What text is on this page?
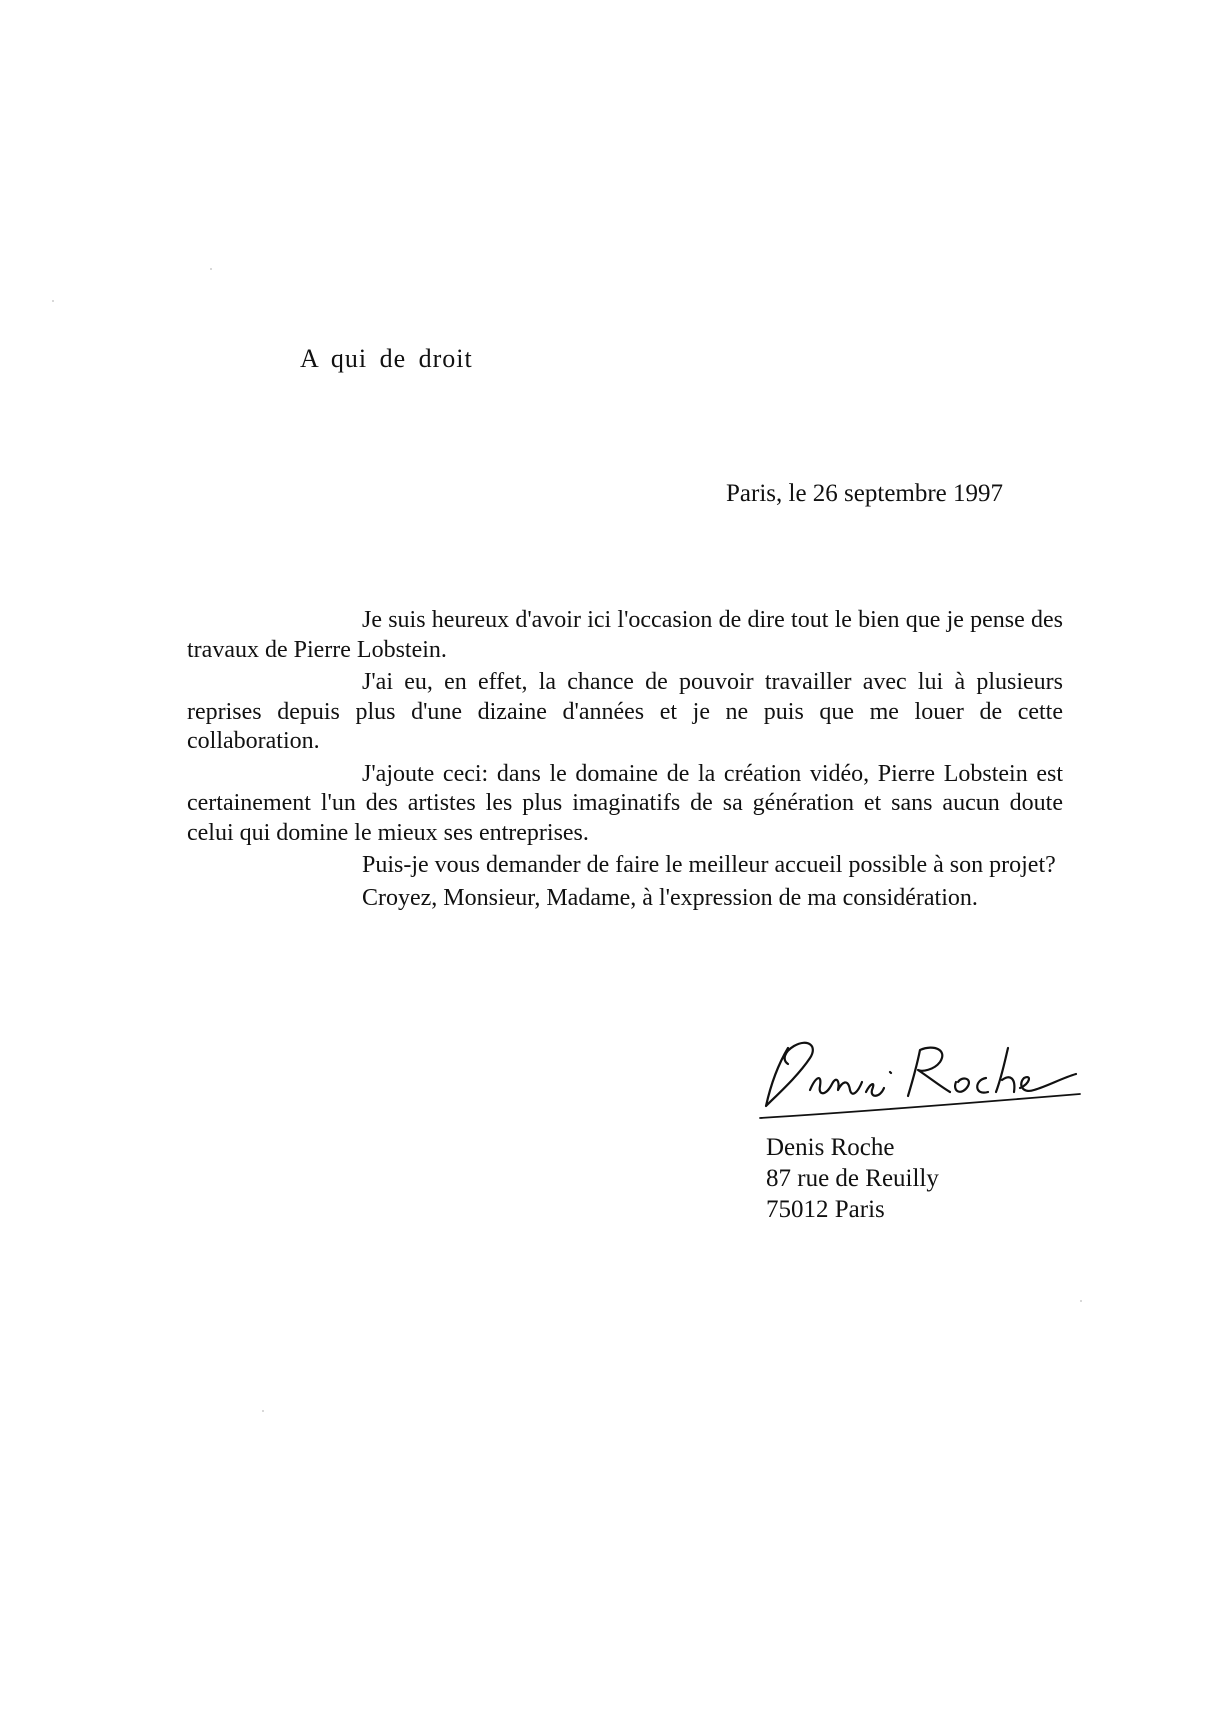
A qui de droit
Paris, le 26 septembre 1997

Je suis heureux d'avoir ici l'occasion de dire tout le bien que je pense des travaux de Pierre Lobstein.

J'ai eu, en effet, la chance de pouvoir travailler avec lui à plusieurs reprises depuis plus d'une dizaine d'années et je ne puis que me louer de cette collaboration.

J'ajoute ceci: dans le domaine de la création vidéo, Pierre Lobstein est certainement l'un des artistes les plus imaginatifs de sa génération et sans aucun doute celui qui domine le mieux ses entreprises.

Puis-je vous demander de faire le meilleur accueil possible à son projet?

Croyez, Monsieur, Madame, à l'expression de ma considération.

Denis Roche
87 rue de Reuilly
75012 Paris
